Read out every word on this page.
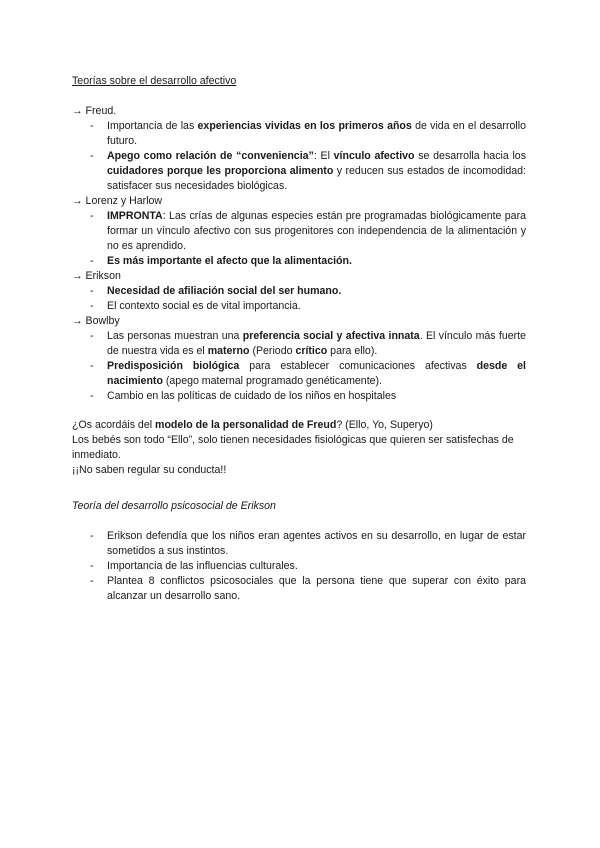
Teorías sobre el desarrollo afectivo
→ Freud.
- Importancia de las experiencias vividas en los primeros años de vida en el desarrollo futuro.
- Apego como relación de “conveniencia”: El vínculo afectivo se desarrolla hacia los cuidadores porque les proporciona alimento y reducen sus estados de incomodidad: satisfacer sus necesidades biológicas.
→ Lorenz y Harlow
- IMPRONTA: Las crías de algunas especies están pre programadas biológicamente para formar un vínculo afectivo con sus progenitores con independencia de la alimentación y no es aprendido.
- Es más importante el afecto que la alimentación.
→ Erikson
- Necesidad de afiliación social del ser humano.
- El contexto social es de vital importancia.
→ Bowlby
- Las personas muestran una preferencia social y afectiva innata. El vínculo más fuerte de nuestra vida es el materno (Periodo crítico para ello).
- Predisposición biológica para establecer comunicaciones afectivas desde el nacimiento (apego maternal programado genéticamente).
- Cambio en las políticas de cuidado de los niños en hospitales
¿Os acordáis del modelo de la personalidad de Freud? (Ello, Yo, Superyo)
Los bebés son todo “Ello”, solo tienen necesidades fisiológicas que quieren ser satisfechas de inmediato.
¡¡No saben regular su conducta!!
Teoría del desarrollo psicosocial de Erikson
- Erikson defendía que los niños eran agentes activos en su desarrollo, en lugar de estar sometidos a sus instintos.
- Importancia de las influencias culturales.
- Plantea 8 conflictos psicosociales que la persona tiene que superar con éxito para alcanzar un desarrollo sano.
